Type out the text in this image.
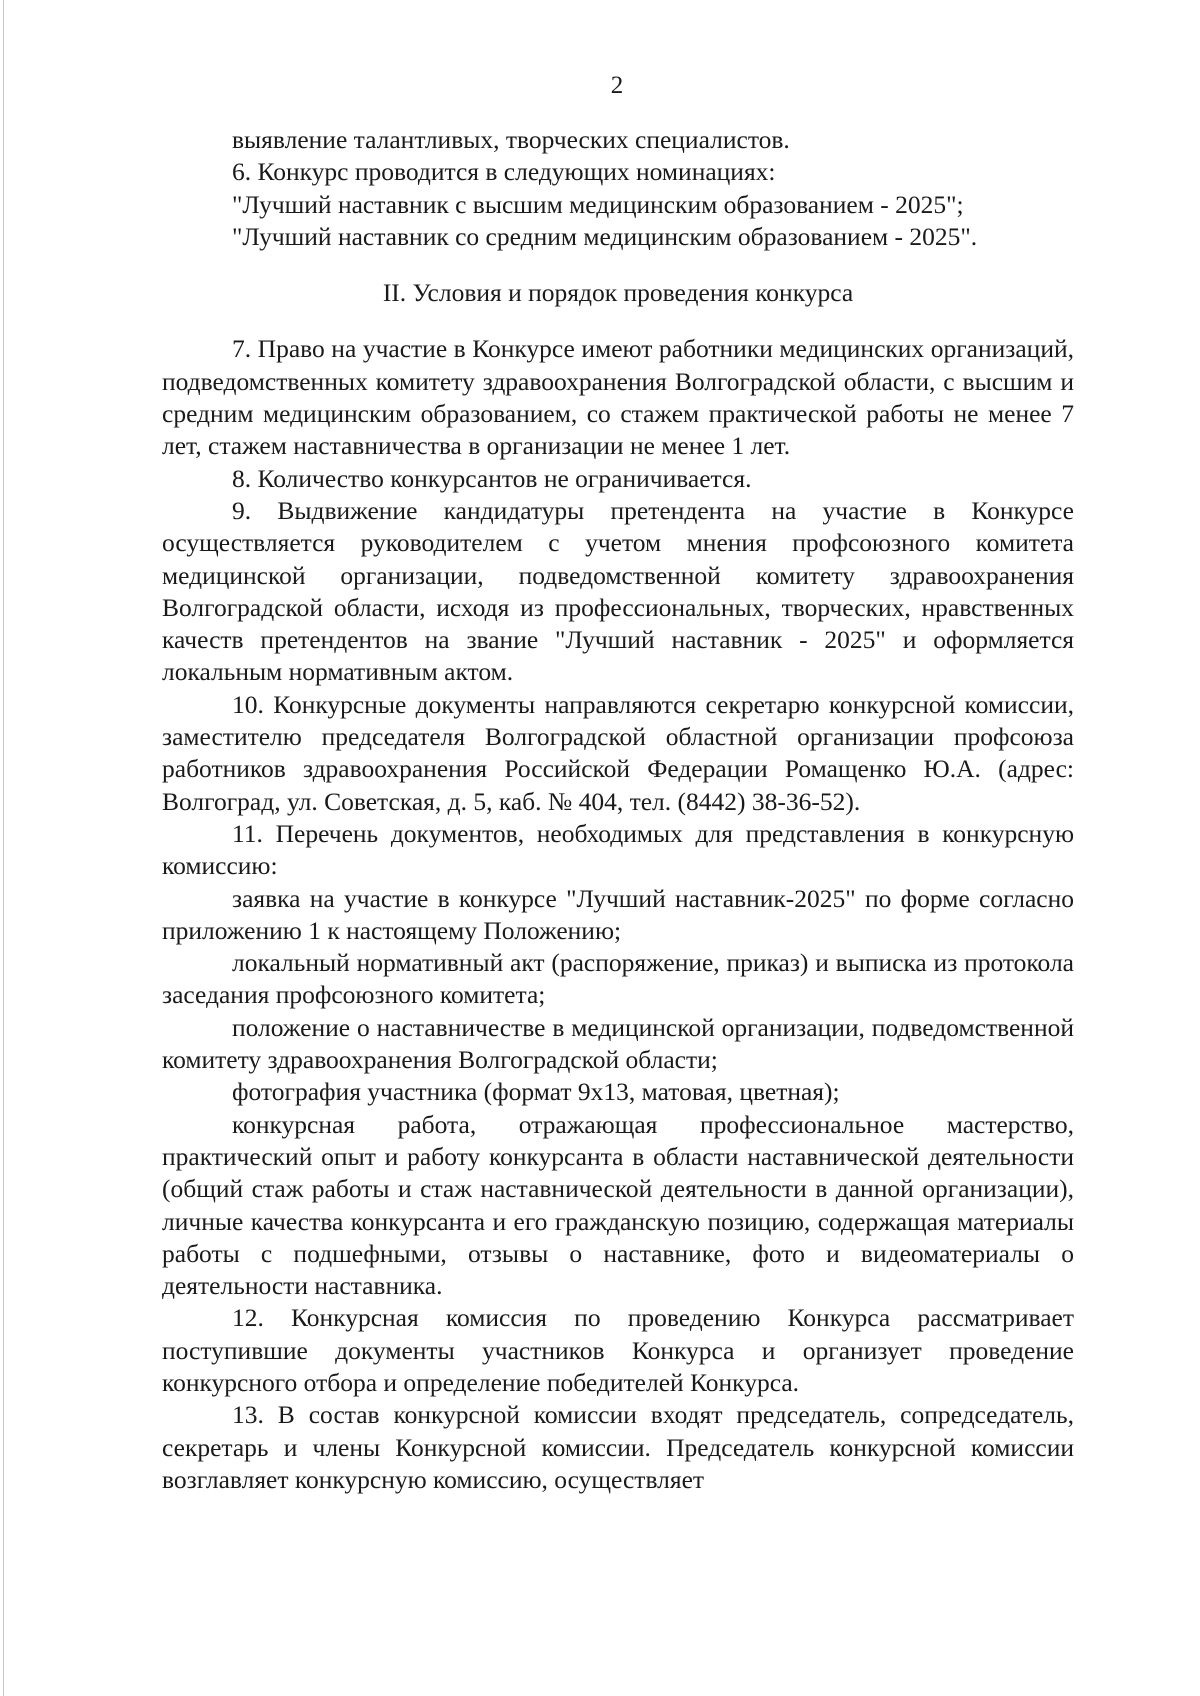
2

выявление талантливых, творческих специалистов.

6. Конкурс проводится в следующих номинациях:

"Лучший наставник с высшим медицинским образованием - 2025";

"Лучший наставник со средним медицинским образованием - 2025".

II. Условия и порядок проведения конкурса

7. Право на участие в Конкурсе имеют работники медицинских организаций, подведомственных комитету здравоохранения Волгоградской области, с высшим и средним медицинским образованием, со стажем практической работы не менее 7 лет, стажем наставничества в организации не менее 1 лет.

8. Количество конкурсантов не ограничивается.

9. Выдвижение кандидатуры претендента на участие в Конкурсе осуществляется руководителем с учетом мнения профсоюзного комитета медицинской организации, подведомственной комитету здравоохранения Волгоградской области, исходя из профессиональных, творческих, нравственных качеств претендентов на звание "Лучший наставник - 2025" и оформляется локальным нормативным актом.

10. Конкурсные документы направляются секретарю конкурсной комиссии, заместителю председателя Волгоградской областной организации профсоюза работников здравоохранения Российской Федерации Ромащенко Ю.А. (адрес: Волгоград, ул. Советская, д. 5, каб. № 404, тел. (8442) 38-36-52).

11. Перечень документов, необходимых для представления в конкурсную комиссию:

заявка на участие в конкурсе "Лучший наставник-2025" по форме согласно приложению 1 к настоящему Положению;

локальный нормативный акт (распоряжение, приказ) и выписка из протокола заседания профсоюзного комитета;

положение о наставничестве в медицинской организации, подведомственной комитету здравоохранения Волгоградской области;

фотография участника (формат 9х13, матовая, цветная);

конкурсная работа, отражающая профессиональное мастерство, практический опыт и работу конкурсанта в области наставнической деятельности (общий стаж работы и стаж наставнической деятельности в данной организации), личные качества конкурсанта и его гражданскую позицию, содержащая материалы работы с подшефными, отзывы о наставнике, фото и видеоматериалы о деятельности наставника.

12. Конкурсная комиссия по проведению Конкурса рассматривает поступившие документы участников Конкурса и организует проведение конкурсного отбора и определение победителей Конкурса.

13. В состав конкурсной комиссии входят председатель, сопредседатель, секретарь и члены Конкурсной комиссии. Председатель конкурсной комиссии возглавляет конкурсную комиссию, осуществляет
